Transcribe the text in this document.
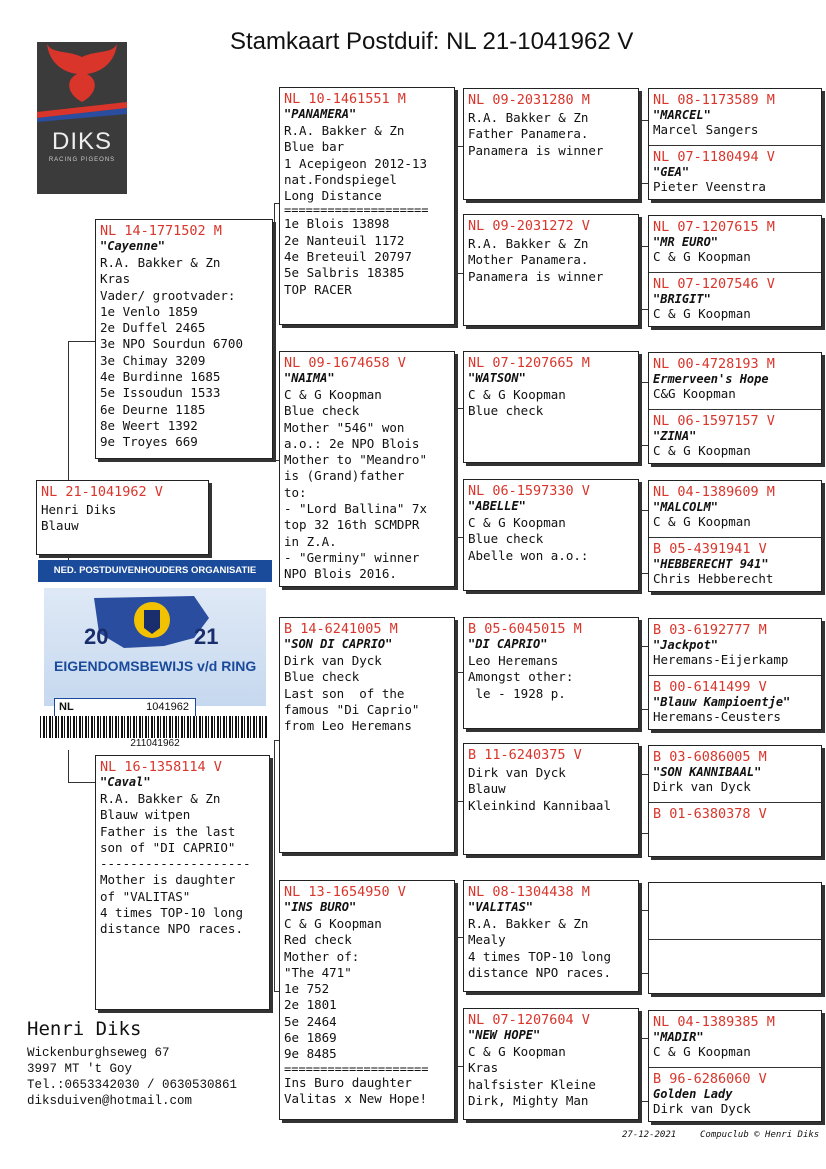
Stamkaart Postduif: NL 21-1041962 V
DIKS
RACING PIGEONS
NL 21-1041962 V
Henri Diks
Blauw
NL 14-1771502 M
"Cayenne"
R.A. Bakker & Zn
Kras
Vader/ grootvader:
1e Venlo 1859
2e Duffel 2465
3e NPO Sourdun 6700
3e Chimay 3209
4e Burdinne 1685
5e Issoudun 1533
6e Deurne 1185
8e Weert 1392
9e Troyes 669
NED. POSTDUIVENHOUDERS ORGANISATIE
20	21
EIGENDOMSBEWIJS v/d RING
NL	1041962
211041962
NL 16-1358114 V
"Caval"
R.A. Bakker & Zn
Blauw witpen
Father is the last
son of "DI CAPRIO"
--------------------
Mother is daughter
of "VALITAS"
4 times TOP-10 long
distance NPO races.
NL 10-1461551 M
"PANAMERA"
R.A. Bakker & Zn
Blue bar
1 Acepigeon 2012-13
nat.Fondspiegel
Long Distance
====================
1e Blois 13898
2e Nanteuil 1172
4e Breteuil 20797
5e Salbris 18385
TOP RACER
NL 09-1674658 V
"NAIMA"
C & G Koopman
Blue check
Mother "546" won
a.o.: 2e NPO Blois
Mother to "Meandro"
is (Grand)father
to:
- "Lord Ballina" 7x
top 32 16th SCMDPR
in Z.A.
- "Germiny" winner
NPO Blois 2016.
B 14-6241005 M
"SON DI CAPRIO"
Dirk van Dyck
Blue check
Last son  of the
famous "Di Caprio"
from Leo Heremans
NL 13-1654950 V
"INS BURO"
C & G Koopman
Red check
Mother of:
"The 471"
1e 752
2e 1801
5e 2464
6e 1869
9e 8485
====================
Ins Buro daughter
Valitas x New Hope!
NL 09-2031280 M
R.A. Bakker & Zn
Father Panamera.
Panamera is winner
NL 09-2031272 V
R.A. Bakker & Zn
Mother Panamera.
Panamera is winner
NL 07-1207665 M
"WATSON"
C & G Koopman
Blue check
NL 06-1597330 V
"ABELLE"
C & G Koopman
Blue check
Abelle won a.o.:
B 05-6045015 M
"DI CAPRIO"
Leo Heremans
Amongst other:
le - 1928 p.
B 11-6240375 V
Dirk van Dyck
Blauw
Kleinkind Kannibaal
NL 08-1304438 M
"VALITAS"
R.A. Bakker & Zn
Mealy
4 times TOP-10 long
distance NPO races.
NL 07-1207604 V
"NEW HOPE"
C & G Koopman
Kras
halfsister Kleine
Dirk, Mighty Man
NL 08-1173589 M
"MARCEL"
Marcel Sangers
NL 07-1180494 V
"GEA"
Pieter Veenstra
NL 07-1207615 M
"MR EURO"
C & G Koopman
NL 07-1207546 V
"BRIGIT"
C & G Koopman
NL 00-4728193 M
Ermerveen's Hope
C&G Koopman
NL 06-1597157 V
"ZINA"
C & G Koopman
NL 04-1389609 M
"MALCOLM"
C & G Koopman
B 05-4391941 V
"HEBBERECHT 941"
Chris Hebberecht
B 03-6192777 M
"Jackpot"
Heremans-Eijerkamp
B 00-6141499 V
"Blauw Kampioentje"
Heremans-Ceusters
B 03-6086005 M
"SON KANNIBAAL"
Dirk van Dyck
B 01-6380378 V
NL 04-1389385 M
"MADIR"
C & G Koopman
B 96-6286060 V
Golden Lady
Dirk van Dyck
Henri Diks
Wickenburghseweg 67
3997 MT 't Goy
Tel.:0653342030 / 0630530861
diksduiven@hotmail.com
27-12-2021	Compuclub © Henri Diks
